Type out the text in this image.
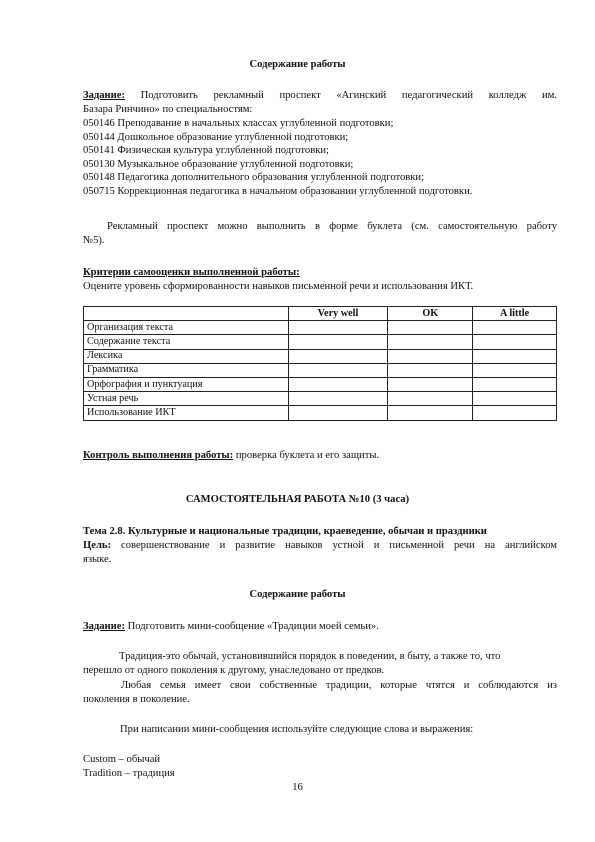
Содержание работы
Задание: Подготовить рекламный проспект «Агинский педагогический колледж им.
Базара Ринчино» по специальностям:
050146 Преподавание в начальных классах углубленной подготовки;
050144 Дошкольное образование углубленной подготовки;
050141 Физическая культура углубленной подготовки;
050130 Музыкальное образование углубленной подготовки;
050148 Педагогика дополнительного образования углубленной подготовки;
050715 Коррекционная педагогика в начальном образовании углубленной подготовки.
Рекламный проспект можно выполнить в форме буклета (см. самостоятельную работу
№5).
Критерии самооценки выполненной работы:
Оцените уровень сформированности навыков письменной речи и использования ИКТ.
	Very well	OK	A little
Организация текста			
Содержание текста			
Лексика			
Грамматика			
Орфография и пунктуация			
Устная речь			
Использование ИКТ			
Контроль выполнения работы: проверка буклета и его защиты.
САМОСТОЯТЕЛЬНАЯ РАБОТА №10 (3 часа)
Тема 2.8. Культурные и национальные традиции, краеведение, обычаи и праздники
Цель: совершенствование и развитие навыков устной и письменной речи на английском
языке.
Содержание работы
Задание: Подготовить мини-сообщение «Традиции моей семьи».
Традиция-это обычай, установившийся порядок в поведении, в быту, а также то, что
перешло от одного поколения к другому, унаследовано от предков.
Любая семья имеет свои собственные традиции, которые чтятся и соблюдаются из
поколения в поколение.
При написании мини-сообщения используйте следующие слова и выражения:
Custom – обычай
Tradition – традиция
16
